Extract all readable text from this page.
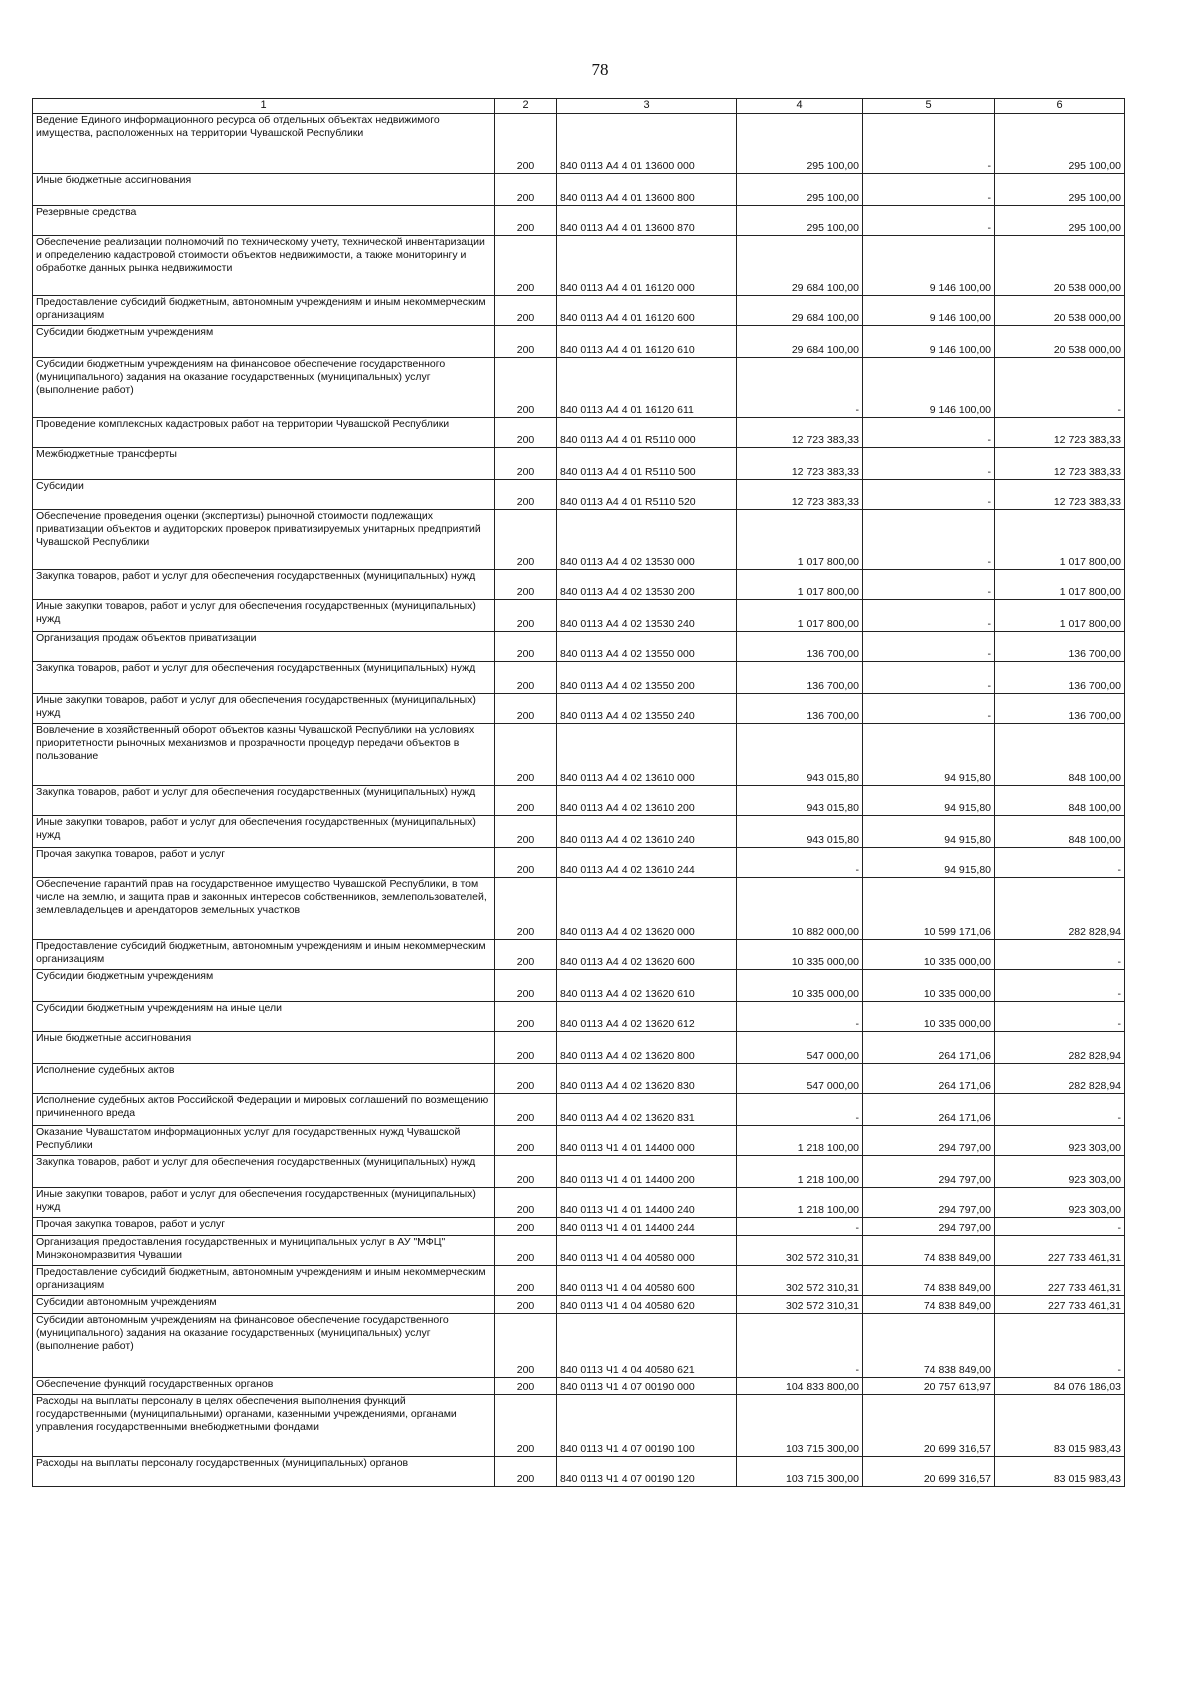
78
1	2	3	4	5	6
Ведение Единого информационного ресурса об отдельных объектах недвижимого имущества, расположенных на территории Чувашской Республики	200	840 0113 А4 4 01 13600 000	295 100,00	-	295 100,00
Иные бюджетные ассигнования	200	840 0113 А4 4 01 13600 800	295 100,00	-	295 100,00
Резервные средства	200	840 0113 А4 4 01 13600 870	295 100,00	-	295 100,00
Обеспечение реализации полномочий по техническому учету, технической инвентаризации и определению кадастровой стоимости объектов недвижимости, а также мониторингу и обработке данных рынка недвижимости	200	840 0113 А4 4 01 16120 000	29 684 100,00	9 146 100,00	20 538 000,00
Предоставление субсидий бюджетным, автономным учреждениям и иным некоммерческим организациям	200	840 0113 А4 4 01 16120 600	29 684 100,00	9 146 100,00	20 538 000,00
Субсидии бюджетным учреждениям	200	840 0113 А4 4 01 16120 610	29 684 100,00	9 146 100,00	20 538 000,00
Субсидии бюджетным учреждениям на финансовое обеспечение государственного (муниципального) задания на оказание государственных (муниципальных) услуг (выполнение работ)	200	840 0113 А4 4 01 16120 611	-	9 146 100,00	-
Проведение комплексных кадастровых работ на территории Чувашской Республики	200	840 0113 А4 4 01 R5110 000	12 723 383,33	-	12 723 383,33
Межбюджетные трансферты	200	840 0113 А4 4 01 R5110 500	12 723 383,33	-	12 723 383,33
Субсидии	200	840 0113 А4 4 01 R5110 520	12 723 383,33	-	12 723 383,33
Обеспечение проведения оценки (экспертизы) рыночной стоимости подлежащих приватизации объектов и аудиторских проверок приватизируемых унитарных предприятий Чувашской Республики	200	840 0113 А4 4 02 13530 000	1 017 800,00	-	1 017 800,00
Закупка товаров, работ и услуг для обеспечения государственных (муниципальных) нужд	200	840 0113 А4 4 02 13530 200	1 017 800,00	-	1 017 800,00
Иные закупки товаров, работ и услуг для обеспечения государственных (муниципальных) нужд	200	840 0113 А4 4 02 13530 240	1 017 800,00	-	1 017 800,00
Организация продаж объектов приватизации	200	840 0113 А4 4 02 13550 000	136 700,00	-	136 700,00
Закупка товаров, работ и услуг для обеспечения государственных (муниципальных) нужд	200	840 0113 А4 4 02 13550 200	136 700,00	-	136 700,00
Иные закупки товаров, работ и услуг для обеспечения государственных (муниципальных) нужд	200	840 0113 А4 4 02 13550 240	136 700,00	-	136 700,00
Вовлечение в хозяйственный оборот объектов казны Чувашской Республики на условиях приоритетности рыночных механизмов и прозрачности процедур передачи объектов в пользование	200	840 0113 А4 4 02 13610 000	943 015,80	94 915,80	848 100,00
Закупка товаров, работ и услуг для обеспечения государственных (муниципальных) нужд	200	840 0113 А4 4 02 13610 200	943 015,80	94 915,80	848 100,00
Иные закупки товаров, работ и услуг для обеспечения государственных (муниципальных) нужд	200	840 0113 А4 4 02 13610 240	943 015,80	94 915,80	848 100,00
Прочая закупка товаров, работ и услуг	200	840 0113 А4 4 02 13610 244	-	94 915,80	-
Обеспечение гарантий прав на государственное имущество Чувашской Республики, в том числе на землю, и защита прав и законных интересов собственников, землепользователей, землевладельцев и арендаторов земельных участков	200	840 0113 А4 4 02 13620 000	10 882 000,00	10 599 171,06	282 828,94
Предоставление субсидий бюджетным, автономным учреждениям и иным некоммерческим организациям	200	840 0113 А4 4 02 13620 600	10 335 000,00	10 335 000,00	-
Субсидии бюджетным учреждениям	200	840 0113 А4 4 02 13620 610	10 335 000,00	10 335 000,00	-
Субсидии бюджетным учреждениям на иные цели	200	840 0113 А4 4 02 13620 612	-	10 335 000,00	-
Иные бюджетные ассигнования	200	840 0113 А4 4 02 13620 800	547 000,00	264 171,06	282 828,94
Исполнение судебных актов	200	840 0113 А4 4 02 13620 830	547 000,00	264 171,06	282 828,94
Исполнение судебных актов Российской Федерации и мировых соглашений по возмещению причиненного вреда	200	840 0113 А4 4 02 13620 831	-	264 171,06	-
Оказание Чувашстатом информационных услуг для государственных нужд Чувашской Республики	200	840 0113 Ч1 4 01 14400 000	1 218 100,00	294 797,00	923 303,00
Закупка товаров, работ и услуг для обеспечения государственных (муниципальных) нужд	200	840 0113 Ч1 4 01 14400 200	1 218 100,00	294 797,00	923 303,00
Иные закупки товаров, работ и услуг для обеспечения государственных (муниципальных) нужд	200	840 0113 Ч1 4 01 14400 240	1 218 100,00	294 797,00	923 303,00
Прочая закупка товаров, работ и услуг	200	840 0113 Ч1 4 01 14400 244	-	294 797,00	-
Организация предоставления государственных и муниципальных услуг в АУ "МФЦ" Минэкономразвития Чувашии	200	840 0113 Ч1 4 04 40580 000	302 572 310,31	74 838 849,00	227 733 461,31
Предоставление субсидий бюджетным, автономным учреждениям и иным некоммерческим организациям	200	840 0113 Ч1 4 04 40580 600	302 572 310,31	74 838 849,00	227 733 461,31
Субсидии автономным учреждениям	200	840 0113 Ч1 4 04 40580 620	302 572 310,31	74 838 849,00	227 733 461,31
Субсидии автономным учреждениям на финансовое обеспечение государственного (муниципального) задания на оказание государственных (муниципальных) услуг (выполнение работ)	200	840 0113 Ч1 4 04 40580 621	-	74 838 849,00	-
Обеспечение функций государственных органов	200	840 0113 Ч1 4 07 00190 000	104 833 800,00	20 757 613,97	84 076 186,03
Расходы на выплаты персоналу в целях обеспечения выполнения функций государственными (муниципальными) органами, казенными учреждениями, органами управления государственными внебюджетными фондами	200	840 0113 Ч1 4 07 00190 100	103 715 300,00	20 699 316,57	83 015 983,43
Расходы на выплаты персоналу государственных (муниципальных) органов	200	840 0113 Ч1 4 07 00190 120	103 715 300,00	20 699 316,57	83 015 983,43
